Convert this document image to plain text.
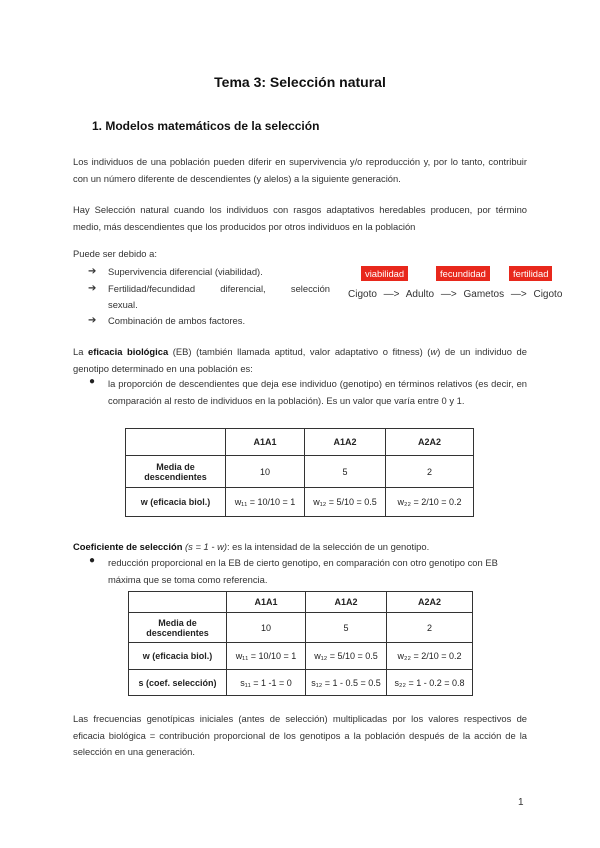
Tema 3: Selección natural
1. Modelos matemáticos de la selección
Los individuos de una población pueden diferir en supervivencia y/o reproducción y, por lo tanto, contribuir con un número diferente de descendientes (y alelos) a la siguiente generación.
Hay Selección natural cuando los individuos con rasgos adaptativos heredables producen, por término medio, más descendientes que los producidos por otros individuos en la población
Puede ser debido a:
➔ Supervivencia diferencial (viabilidad).
➔ Fertilidad/fecundidad diferencial, selección
sexual.
➔ Combinación de ambos factores.
viabilidad	fecundidad	fertilidad
Cigoto —> Adulto —> Gametos —> Cigoto
La eficacia biológica (EB) (también llamada aptitud, valor adaptativo o fitness) (w) de un individuo de genotipo determinado en una población es:
● la proporción de descendientes que deja ese individuo (genotipo) en términos relativos (es decir, en comparación al resto de individuos en la población). Es un valor que varía entre 0 y 1.
	A1A1	A1A2	A2A2
Media de descendientes	10	5	2
w (eficacia biol.)	w₁₁ = 10/10 = 1	w₁₂ = 5/10 = 0.5	w₂₂ = 2/10 = 0.2
Coeficiente de selección (s = 1 - w): es la intensidad de la selección de un genotipo.
● reducción proporcional en la EB de cierto genotipo, en comparación con otro genotipo con EB máxima que se toma como referencia.
	A1A1	A1A2	A2A2
Media de descendientes	10	5	2
w (eficacia biol.)	w₁₁ = 10/10 = 1	w₁₂ = 5/10 = 0.5	w₂₂ = 2/10 = 0.2
s (coef. selección)	s₁₁ = 1 -1 = 0	s₁₂ = 1 - 0.5 = 0.5	s₂₂ = 1 - 0.2 = 0.8
Las frecuencias genotípicas iniciales (antes de selección) multiplicadas por los valores respectivos de eficacia biológica = contribución proporcional de los genotipos a la población después de la acción de la selección en una generación.
1
